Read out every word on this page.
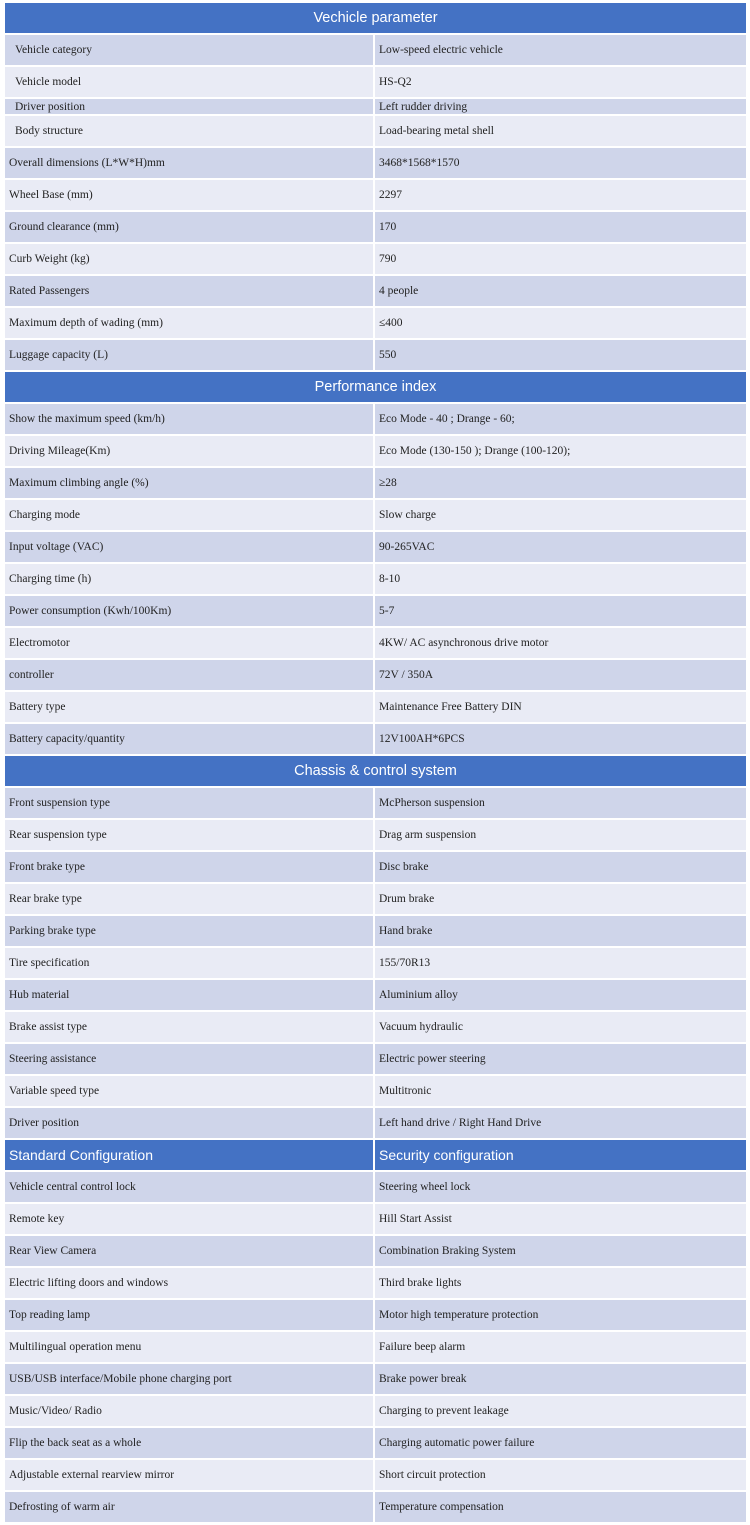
Vechicle parameter
Vehicle category	Low-speed electric vehicle
Vehicle model	HS-Q2
Driver position	Left rudder driving
Body structure	Load-bearing metal shell
Overall dimensions (L*W*H)mm	3468*1568*1570
Wheel Base (mm)	2297
Ground clearance (mm)	170
Curb Weight (kg)	790
Rated Passengers	4 people
Maximum depth of wading (mm)	≤400
Luggage capacity (L)	550
Performance index
Show the maximum speed (km/h)	Eco Mode - 40 ; Drange - 60;
Driving Mileage(Km)	Eco Mode (130-150 ); Drange (100-120);
Maximum climbing angle (%)	≥28
Charging mode	Slow charge
Input voltage (VAC)	90-265VAC
Charging time (h)	8-10
Power consumption (Kwh/100Km)	5-7
Electromotor	4KW/ AC asynchronous drive motor
controller	72V / 350A
Battery type	Maintenance Free Battery DIN
Battery capacity/quantity	12V100AH*6PCS
Chassis & control system
Front suspension type	McPherson suspension
Rear suspension type	Drag arm suspension
Front brake type	Disc brake
Rear brake type	Drum brake
Parking brake type	Hand brake
Tire specification	155/70R13
Hub material	Aluminium alloy
Brake assist type	Vacuum hydraulic
Steering assistance	Electric power steering
Variable speed type	Multitronic
Driver position	Left hand drive / Right Hand Drive
Standard Configuration	Security configuration
Vehicle central control lock	Steering wheel lock
Remote key	Hill Start Assist
Rear View Camera	Combination Braking System
Electric lifting doors and windows	Third brake lights
Top reading lamp	Motor high temperature protection
Multilingual operation menu	Failure beep alarm
USB/USB interface/Mobile phone charging port	Brake power break
Music/Video/ Radio	Charging to prevent leakage
Flip the back seat as a whole	Charging automatic power failure
Adjustable external rearview mirror	Short circuit protection
Defrosting of warm air	Temperature compensation
